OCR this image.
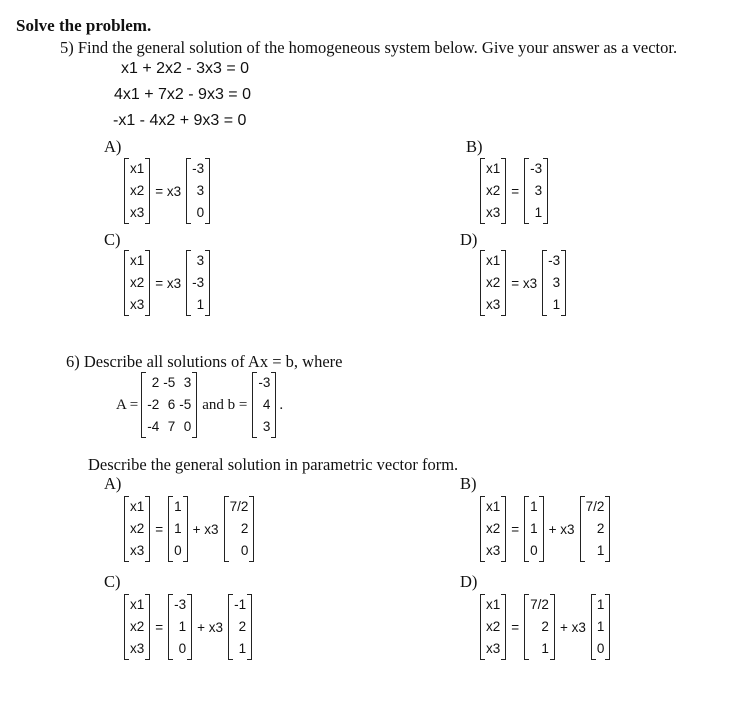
Solve the problem.
5) Find the general solution of the homogeneous system below. Give your answer as a vector.
x1 + 2x2 - 3x3 = 0
4x1 + 7x2 - 9x3 = 0
-x1 - 4x2 + 9x3 = 0
A)
x1
x2
x3
= x3
-3
3
0
B)
x1
x2
x3
=
-3
3
1
C)
x1
x2
x3
= x3
3
-3
1
D)
x1
x2
x3
= x3
-3
3
1
6) Describe all solutions of Ax = b, where
A =
2	-5	3
-2	6	-5
-4	7	0
and b =
-3
4
3
.
Describe the general solution in parametric vector form.
A)
x1
x2
x3
=
1
1
0
+ x3
7/2
2
0
B)
x1
x2
x3
=
1
1
0
+ x3
7/2
2
1
C)
x1
x2
x3
=
-3
1
0
+ x3
-1
2
1
D)
x1
x2
x3
=
7/2
2
1
+ x3
1
1
0
